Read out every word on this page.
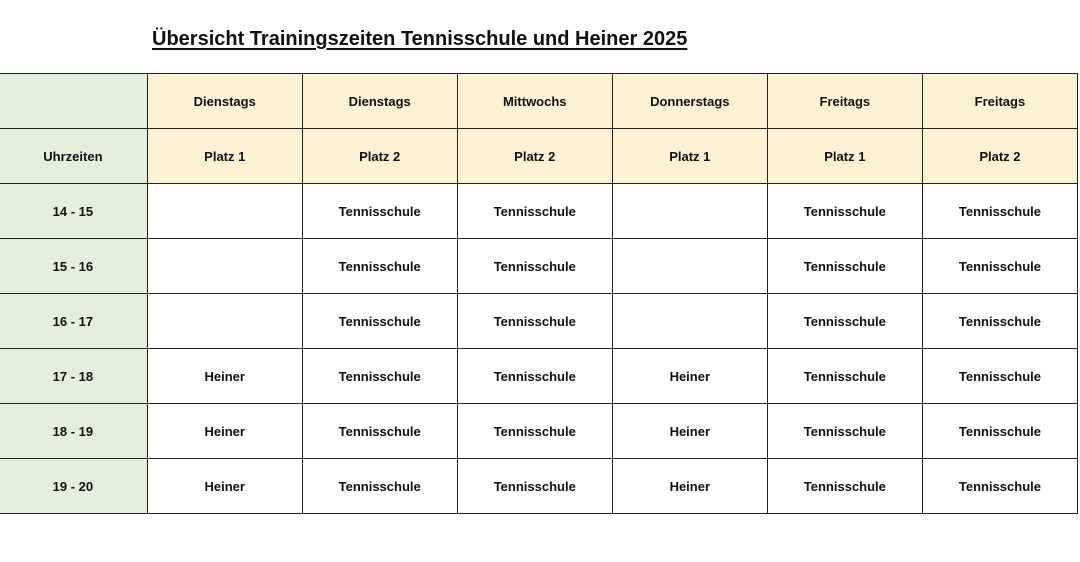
Übersicht Trainingszeiten Tennisschule und Heiner 2025
	Dienstags	Dienstags	Mittwochs	Donnerstags	Freitags	Freitags
Uhrzeiten	Platz 1	Platz 2	Platz 2	Platz 1	Platz 1	Platz 2
14 - 15		Tennisschule	Tennisschule		Tennisschule	Tennisschule
15 - 16		Tennisschule	Tennisschule		Tennisschule	Tennisschule
16 - 17		Tennisschule	Tennisschule		Tennisschule	Tennisschule
17 - 18	Heiner	Tennisschule	Tennisschule	Heiner	Tennisschule	Tennisschule
18 - 19	Heiner	Tennisschule	Tennisschule	Heiner	Tennisschule	Tennisschule
19 - 20	Heiner	Tennisschule	Tennisschule	Heiner	Tennisschule	Tennisschule
